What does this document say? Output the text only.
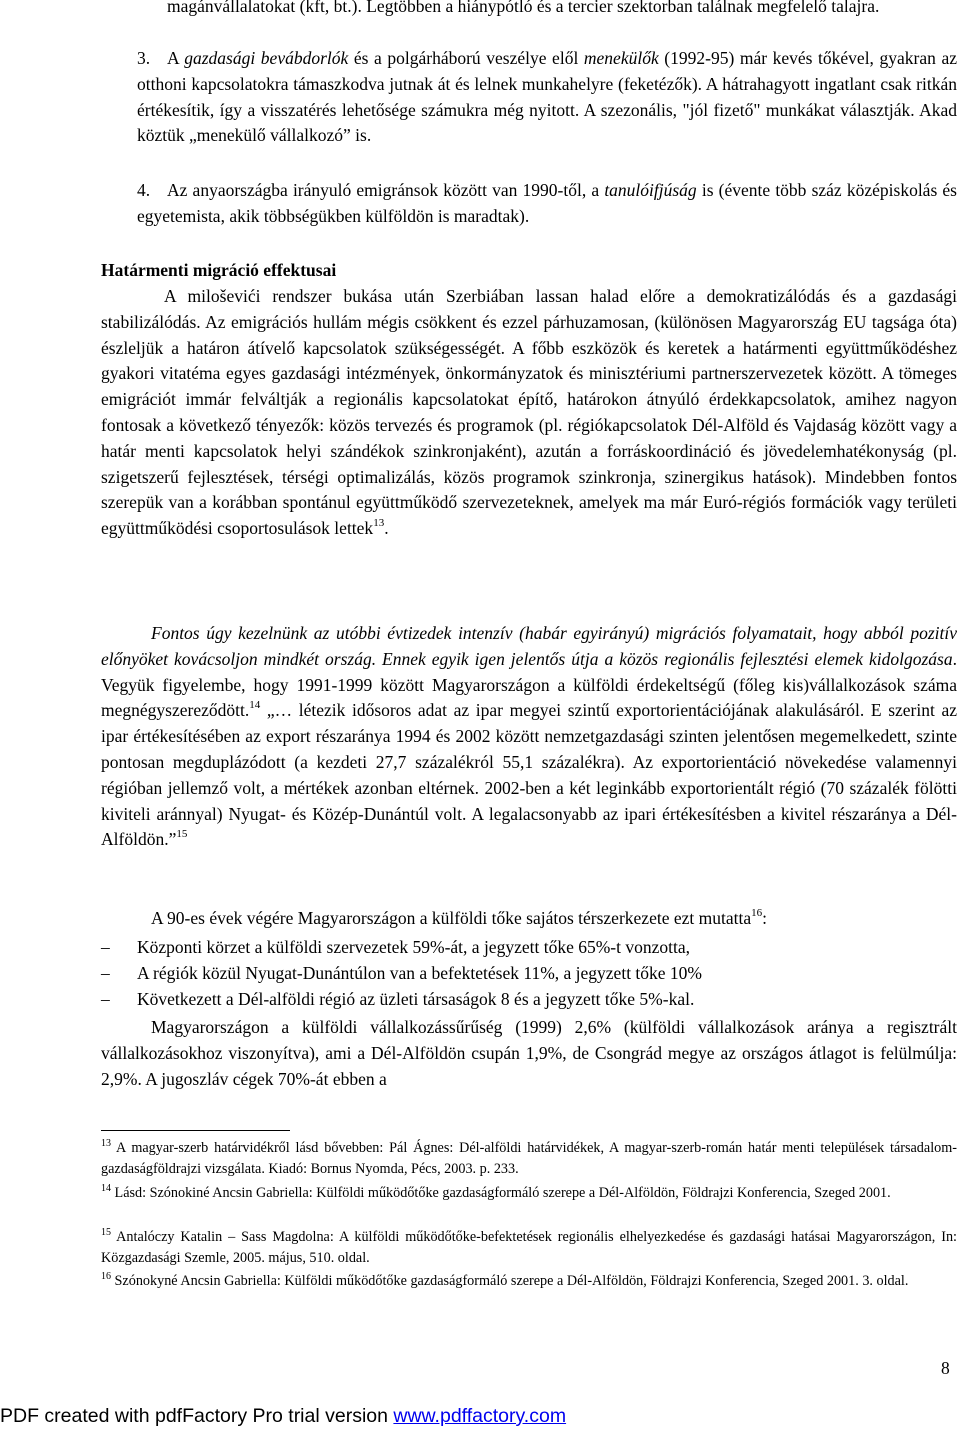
magánvállalatokat (kft, bt.). Legtöbben a hiánypótló és a tercier szektorban találnak megfelelő talajra.

3. A gazdasági bevábdorlók és a polgárháború veszélye elől menekülők (1992-95) már kevés tőkével, gyakran az otthoni kapcsolatokra támaszkodva jutnak át és lelnek munkahelyre (feketézők). A hátrahagyott ingatlant csak ritkán értékesítik, így a visszatérés lehetősége számukra még nyitott. A szezonális, "jól fizető" munkákat választják. Akad köztük „menekülő vállalkozó” is.

4. Az anyaországba irányuló emigránsok között van 1990-től, a tanulóifjúság is (évente több száz középiskolás és egyetemista, akik többségükben külföldön is maradtak).

Határmenti migráció effektusai

A miloševići rendszer bukása után Szerbiában lassan halad előre a demokratizálódás és a gazdasági stabilizálódás. Az emigrációs hullám mégis csökkent és ezzel párhuzamosan, (különösen Magyarország EU tagsága óta) észleljük a határon átívelő kapcsolatok szükségességét. A főbb eszközök és keretek a határmenti együttműködéshez gyakori vitatéma egyes gazdasági intézmények, önkormányzatok és minisztériumi partnerszervezetek között. A tömeges emigrációt immár felváltják a regionális kapcsolatokat építő, határokon átnyúló érdekkapcsolatok, amihez nagyon fontosak a következő tényezők: közös tervezés és programok (pl. régiókapcsolatok Dél-Alföld és Vajdaság között vagy a határ menti kapcsolatok helyi szándékok szinkronjaként), azután a forráskoordináció és jövedelemhatékonyság (pl. szigetszerű fejlesztések, térségi optimalizálás, közös programok szinkronja, szinergikus hatások). Mindebben fontos szerepük van a korábban spontánul együttműködő szervezeteknek, amelyek ma már Euró-régiós formációk vagy területi együttműködési csoportosulások lettek$^{13}$.

Fontos úgy kezelnünk az utóbbi évtizedek intenzív (habár egyirányú) migrációs folyamatait, hogy abból pozitív előnyöket kovácsoljon mindkét ország. Ennek egyik igen jelentős útja a közös regionális fejlesztési elemek kidolgozása. Vegyük figyelembe, hogy 1991-1999 között Magyarországon a külföldi érdekeltségű (főleg kis)vállalkozások száma megnégyszereződött.$^{14}$ „… létezik idősoros adat az ipar megyei szintű exportorientációjának alakulásáról. E szerint az ipar értékesítésében az export részaránya 1994 és 2002 között nemzetgazdasági szinten jelentősen megemelkedett, szinte pontosan megduplázódott (a kezdeti 27,7 százalékról 55,1 százalékra). Az exportorientáció növekedése valamennyi régióban jellemző volt, a mértékek azonban eltérnek. 2002-ben a két leginkább exportorientált régió (70 százalék fölötti kiviteli aránnyal) Nyugat- és Közép-Dunántúl volt. A legalacsonyabb az ipari értékesítésben a kivitel részaránya a Dél-Alföldön.”$^{15}$

A 90-es évek végére Magyarországon a külföldi tőke sajátos térszerkezete ezt mutatta$^{16}$:

– Központi körzet a külföldi szervezetek 59%-át, a jegyzett tőke 65%-t vonzotta,
– A régiók közül Nyugat-Dunántúlon van a befektetések 11%, a jegyzett tőke 10%
– Következett a Dél-alföldi régió az üzleti társaságok 8 és a jegyzett tőke 5%-kal.

Magyarországon a külföldi vállalkozássűrűség (1999) 2,6% (külföldi vállalkozások aránya a regisztrált vállalkozásokhoz viszonyítva), ami a Dél-Alföldön csupán 1,9%, de Csongrád megye az országos átlagot is felülmúlja: 2,9%. A jugoszláv cégek 70%-át ebben a

$^{13}$ A magyar-szerb határvidékről lásd bővebben: Pál Ágnes: Dél-alföldi határvidékek, A magyar-szerb-román határ menti települések társadalom-gazdaságföldrajzi vizsgálata. Kiadó: Bornus Nyomda, Pécs, 2003. p. 233.

$^{14}$ Lásd: Szónokiné Ancsin Gabriella: Külföldi működőtőke gazdaságformáló szerepe a Dél-Alföldön, Földrajzi Konferencia, Szeged 2001.

$^{15}$ Antalóczy Katalin – Sass Magdolna: A külföldi működőtőke-befektetések regionális elhelyezkedése és gazdasági hatásai Magyarországon, In: Közgazdasági Szemle, 2005. május, 510. oldal.

$^{16}$ Szónokyné Ancsin Gabriella: Külföldi működőtőke gazdaságformáló szerepe a Dél-Alföldön, Földrajzi Konferencia, Szeged 2001. 3. oldal.

8
PDF created with pdfFactory Pro trial version www.pdffactory.com
